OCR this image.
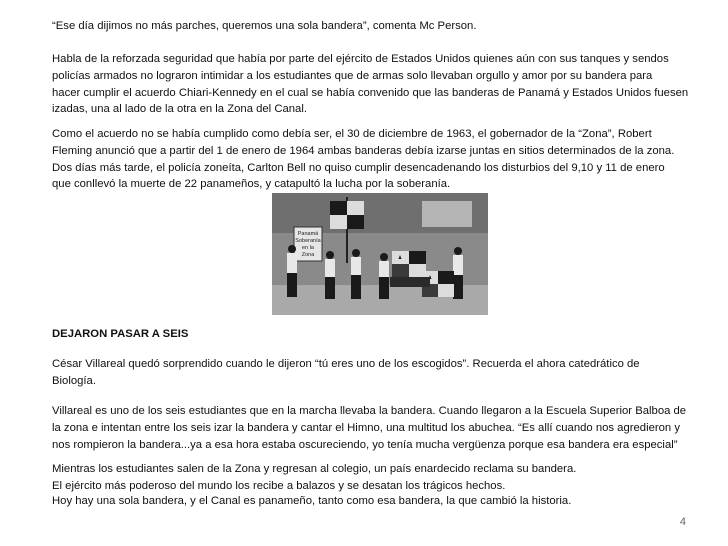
“Ese día dijimos no más parches, queremos una sola bandera”, comenta Mc Person.

Habla de la reforzada seguridad que había por parte del ejército de Estados Unidos quienes aún con sus tanques y sendos
policías armados no lograron intimidar a los estudiantes que de armas solo llevaban orgullo y amor por su bandera para
hacer cumplir el acuerdo Chiari-Kennedy en el cual se había convenido que las banderas de Panamá y Estados Unidos fuesen
izadas, una al lado de la otra en la Zona del Canal.

Como el acuerdo no se había cumplido como debía ser, el 30 de diciembre de 1963, el gobernador de la “Zona”, Robert
Fleming anunció que a partir del 1 de enero de 1964 ambas banderas debía izarse juntas en sitios determinados de la zona.
Dos días más tarde, el policía zoneíta, Carlton Bell no quiso cumplir desencadenando los disturbios del 9,10 y 11 de enero
que conllevó la muerte de 22 panameños, y catapultó la lucha por la soberanía.

Panamá
Soberanía
en la
Zona

DEJARON PASAR A SEIS

César Villareal quedó sorprendido cuando le dijeron “tú eres uno de los escogidos”. Recuerda el ahora catedrático de
Biología.

Villareal es uno de los seis estudiantes que en la marcha llevaba la bandera. Cuando llegaron a la Escuela Superior Balboa de
la zona e intentan entre los seis izar la bandera y cantar el Himno, una multitud los abuchea. “Es allí cuando nos agredieron y
nos rompieron la bandera...ya a esa hora estaba oscureciendo, yo tenía mucha vergüenza porque esa bandera era especial”

Mientras los estudiantes salen de la Zona y regresan al colegio, un país enardecido reclama su bandera.
El ejército más poderoso del mundo los recibe a balazos y se desatan los trágicos hechos.

Hoy hay una sola bandera, y el Canal es panameño, tanto como esa bandera, la que cambió la historia.

4
